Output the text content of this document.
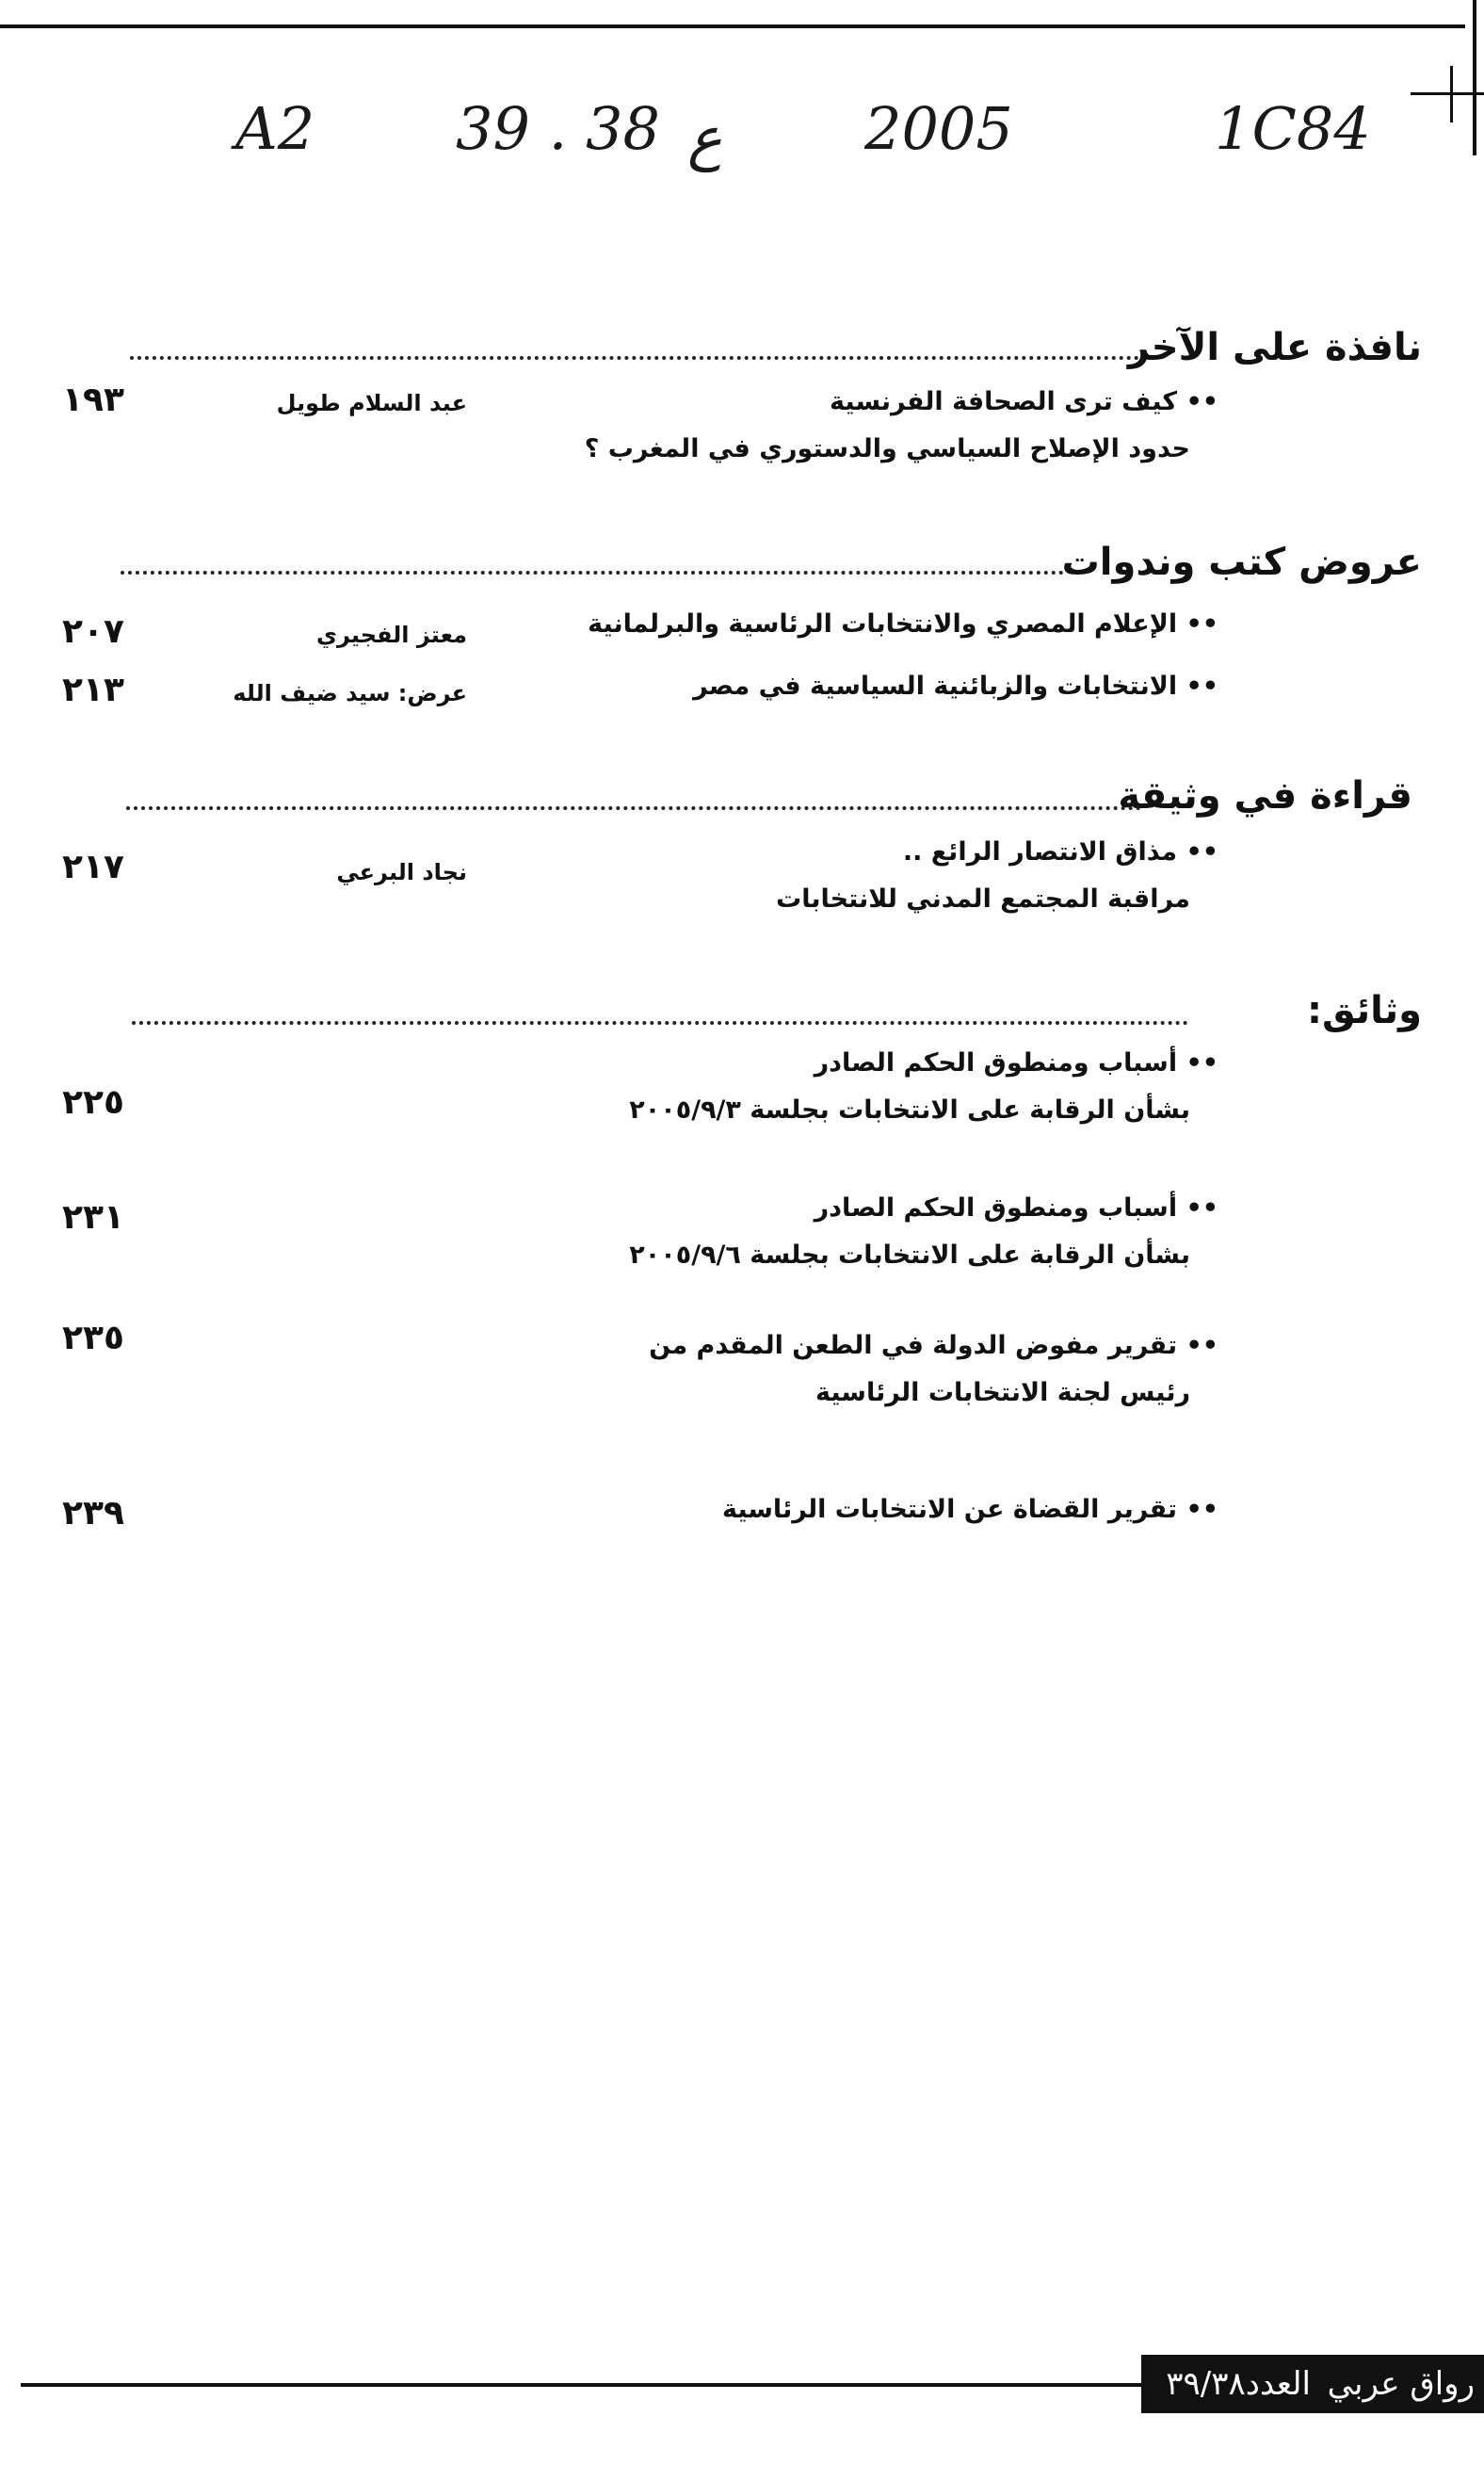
A2 39 . 38 ع 2005	1C84
نافذة على الآخر
•• كيف ترى الصحافة الفرنسية
حدود الإصلاح السياسي والدستوري في المغرب ؟
عبد السلام طويل
١٩٣
عروض كتب وندوات
•• الإعلام المصري والانتخابات الرئاسية والبرلمانية
معتز الفجيري
٢٠٧
•• الانتخابات والزبائنية السياسية في مصر
عرض: سيد ضيف الله
٢١٣
قراءة في وثيقة
•• مذاق الانتصار الرائع ..
مراقبة المجتمع المدني للانتخابات
نجاد البرعي
٢١٧
وثائق:
•• أسباب ومنطوق الحكم الصادر
بشأن الرقابة على الانتخابات بجلسة ٢٠٠٥/٩/٣
٢٢٥
•• أسباب ومنطوق الحكم الصادر
بشأن الرقابة على الانتخابات بجلسة ٢٠٠٥/٩/٦
٢٣١
•• تقرير مفوض الدولة في الطعن المقدم من
رئيس لجنة الانتخابات الرئاسية
٢٣٥
•• تقرير القضاة عن الانتخابات الرئاسية
٢٣٩
العدد٣٩/٣٨ رواق عربي
